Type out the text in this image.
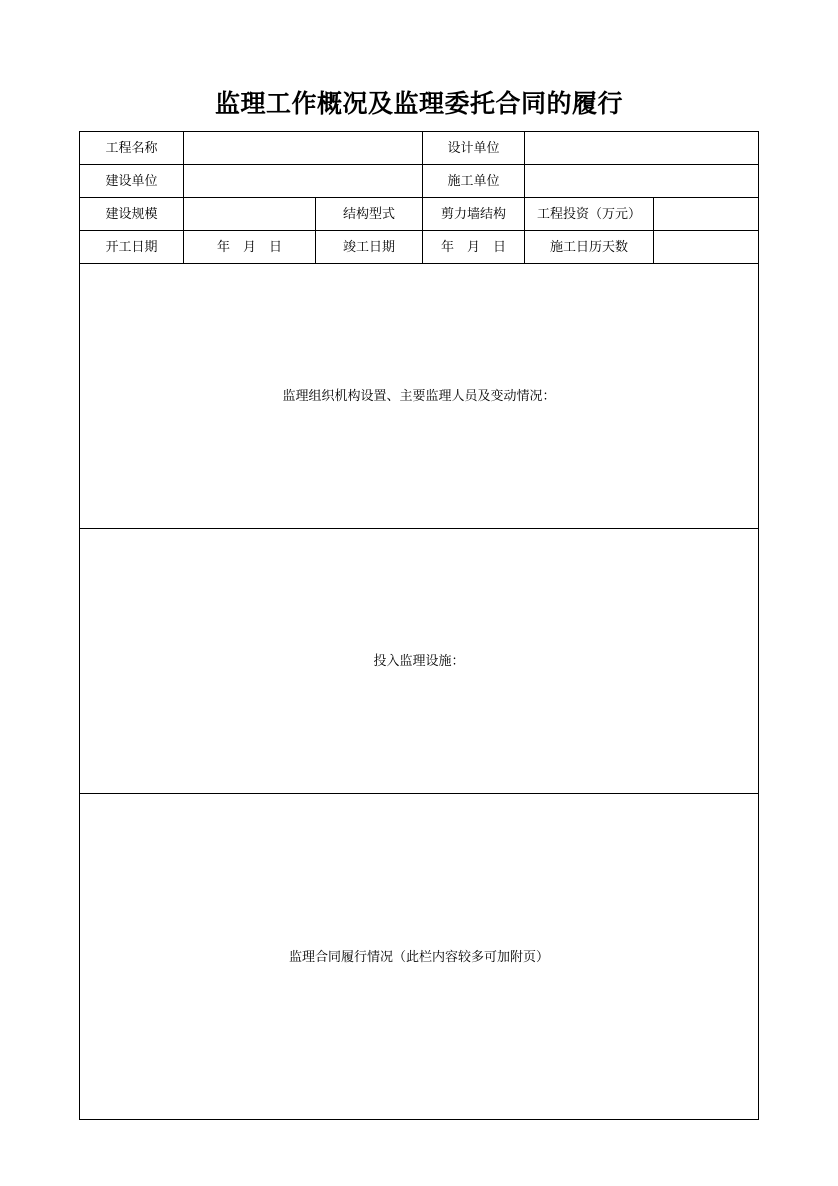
监理工作概况及监理委托合同的履行
工程名称			设计单位		
建设单位			施工单位		
建设规模		结构型式	剪力墙结构	工程投资（万元）	
开工日期	年　月　日	竣工日期	年　月　日	施工日历天数	
监理组织机构设置、主要监理人员及变动情况：					

投入监理设施：					

监理合同履行情况（此栏内容较多可加附页）					
